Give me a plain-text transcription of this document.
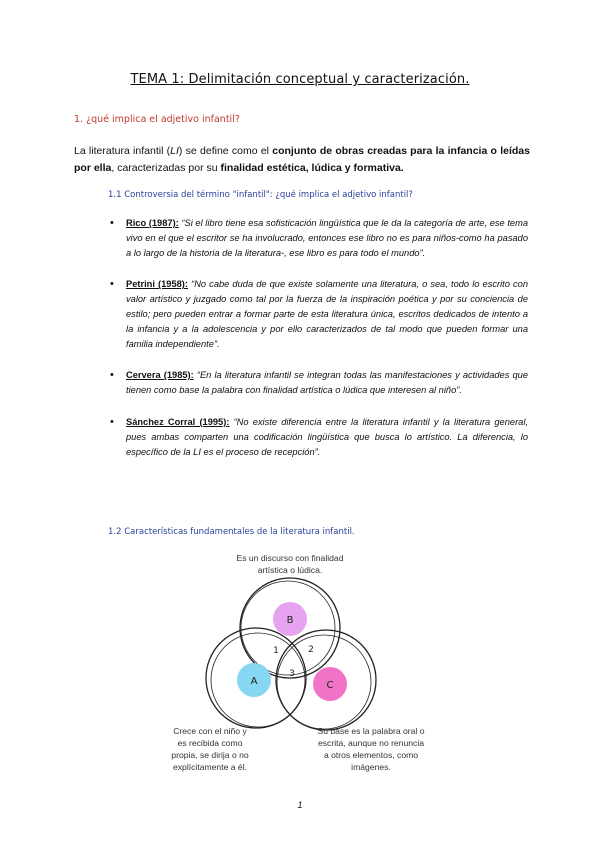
TEMA 1: Delimitación conceptual y caracterización.
1. ¿qué implica el adjetivo infantil?
La literatura infantil (LI) se define como el conjunto de obras creadas para la infancia o leídas por ella, caracterizadas por su finalidad estética, lúdica y formativa.
1.1 Controversia del término "infantil": ¿qué implica el adjetivo infantil?
• Rico (1987): “Si el libro tiene esa sofisticación lingüística que le da la categoría de arte, ese tema vivo en el que el escritor se ha involucrado, entonces ese libro no es para niños-como ha pasado a lo largo de la historia de la literatura-, ese libro es para todo el mundo”.
• Petrini (1958): “No cabe duda de que existe solamente una literatura, o sea, todo lo escrito con valor artístico y juzgado como tal por la fuerza de la inspiración poética y por su conciencia de estilo; pero pueden entrar a formar parte de esta literatura única, escritos dedicados de intento a la infancia y a la adolescencia y por ello caracterizados de tal modo que pueden formar una familia independiente”.
• Cervera (1985): “En la literatura infantil se integran todas las manifestaciones y actividades que tienen como base la palabra con finalidad artística o lúdica que interesen al niño”.
• Sánchez Corral (1995): “No existe diferencia entre la literatura infantil y la literatura general, pues ambas comparten una codificación lingüística que busca lo artístico. La diferencia, lo específico de la LI es el proceso de recepción”.
1.2 Características fundamentales de la literatura infantil.
B
A	C
1	2
3
Es un discurso con finalidad
artística o lúdica.
Crece con el niño y
es recibida como
propia, se dirija o no
explícitamente a él.
Su base es la palabra oral o
escrita, aunque no renuncia
a otros elementos, como
imágenes.
1
